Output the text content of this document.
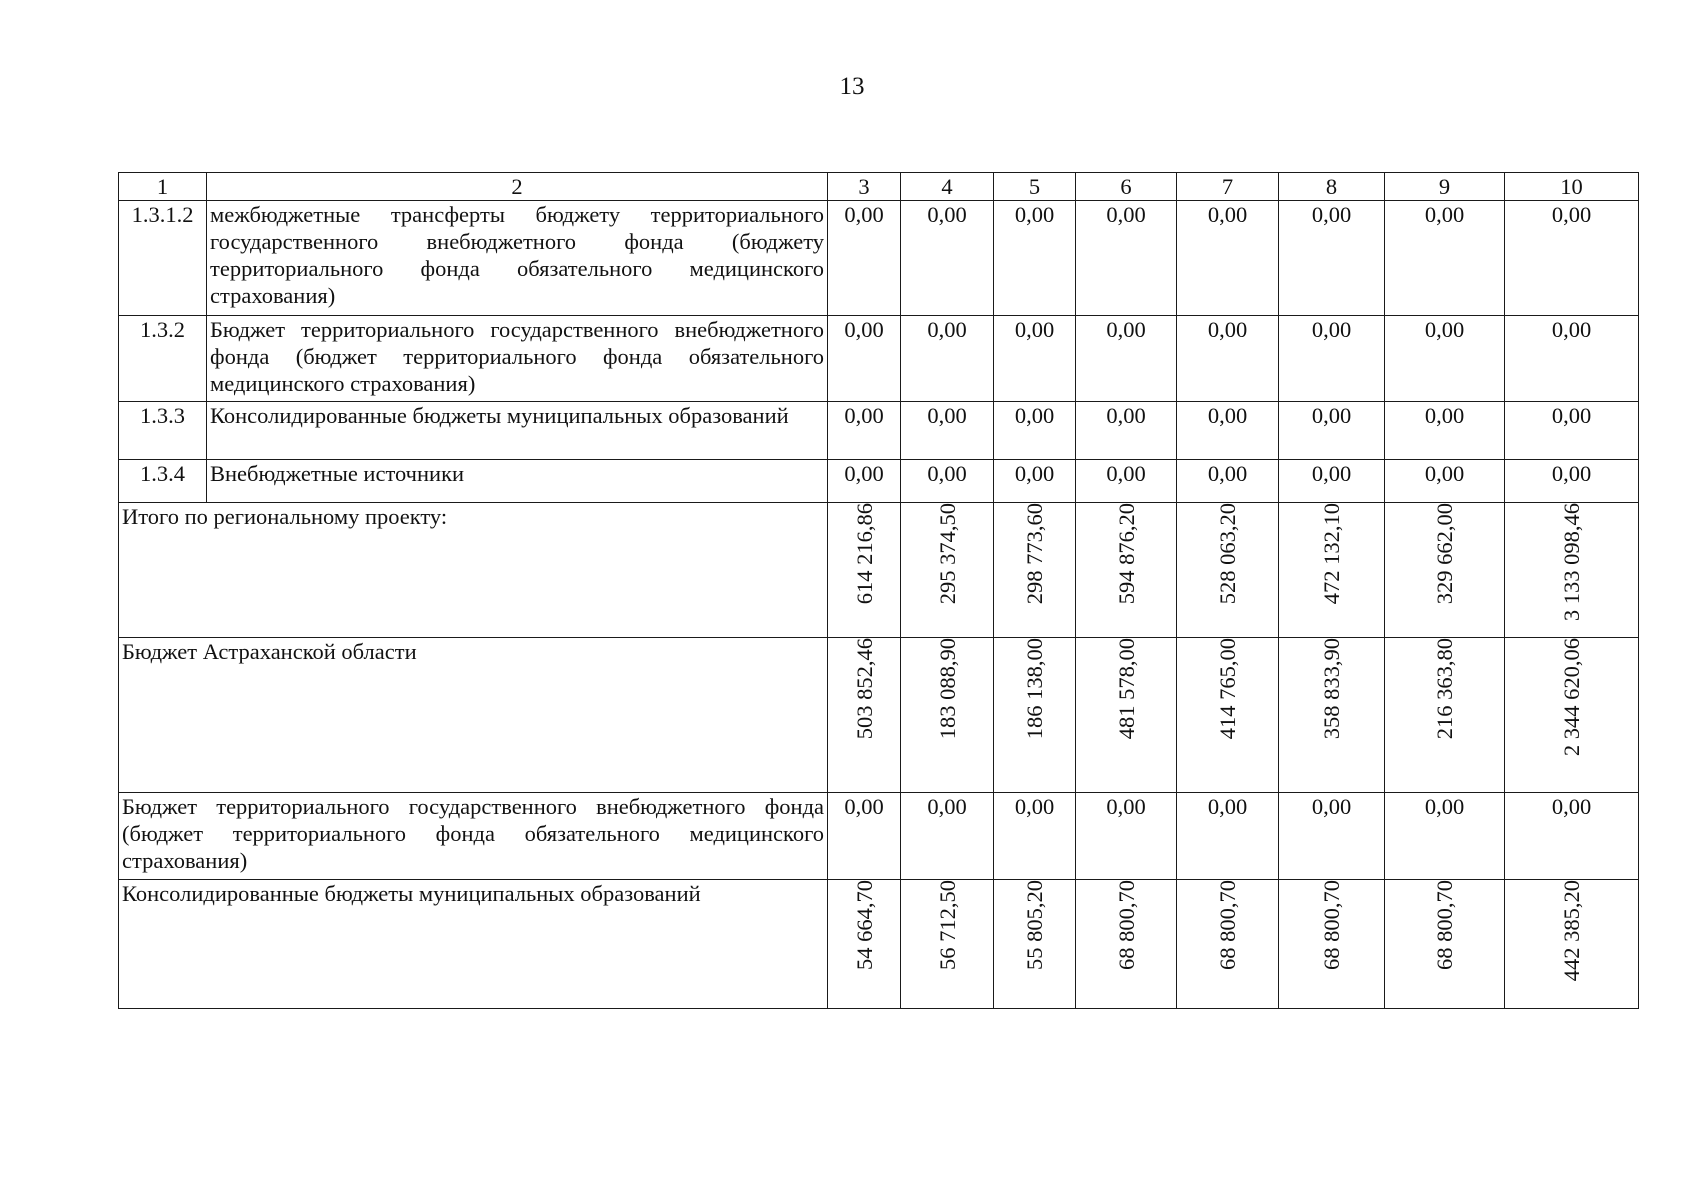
13
1	2	3	4	5	6	7	8	9	10
1.3.1.2	межбюджетные трансферты бюджету территориального государственного внебюджетного фонда (бюджету территориального фонда обязательного медицинского страхования)	0,00	0,00	0,00	0,00	0,00	0,00	0,00	0,00
1.3.2	Бюджет территориального государственного внебюджетного фонда (бюджет территориального фонда обязательного медицинского страхования)	0,00	0,00	0,00	0,00	0,00	0,00	0,00	0,00
1.3.3	Консолидированные бюджеты муниципальных образований	0,00	0,00	0,00	0,00	0,00	0,00	0,00	0,00
1.3.4	Внебюджетные источники	0,00	0,00	0,00	0,00	0,00	0,00	0,00	0,00
Итого по региональному проекту:		614 216,86	295 374,50	298 773,60	594 876,20	528 063,20	472 132,10	329 662,00	3 133 098,46
Бюджет Астраханской области		503 852,46	183 088,90	186 138,00	481 578,00	414 765,00	358 833,90	216 363,80	2 344 620,06
Бюджет территориального государственного внебюджетного фонда (бюджет территориального фонда обязательного медицинского страхования)		0,00	0,00	0,00	0,00	0,00	0,00	0,00	0,00
Консолидированные бюджеты муниципальных образований		54 664,70	56 712,50	55 805,20	68 800,70	68 800,70	68 800,70	68 800,70	442 385,20
